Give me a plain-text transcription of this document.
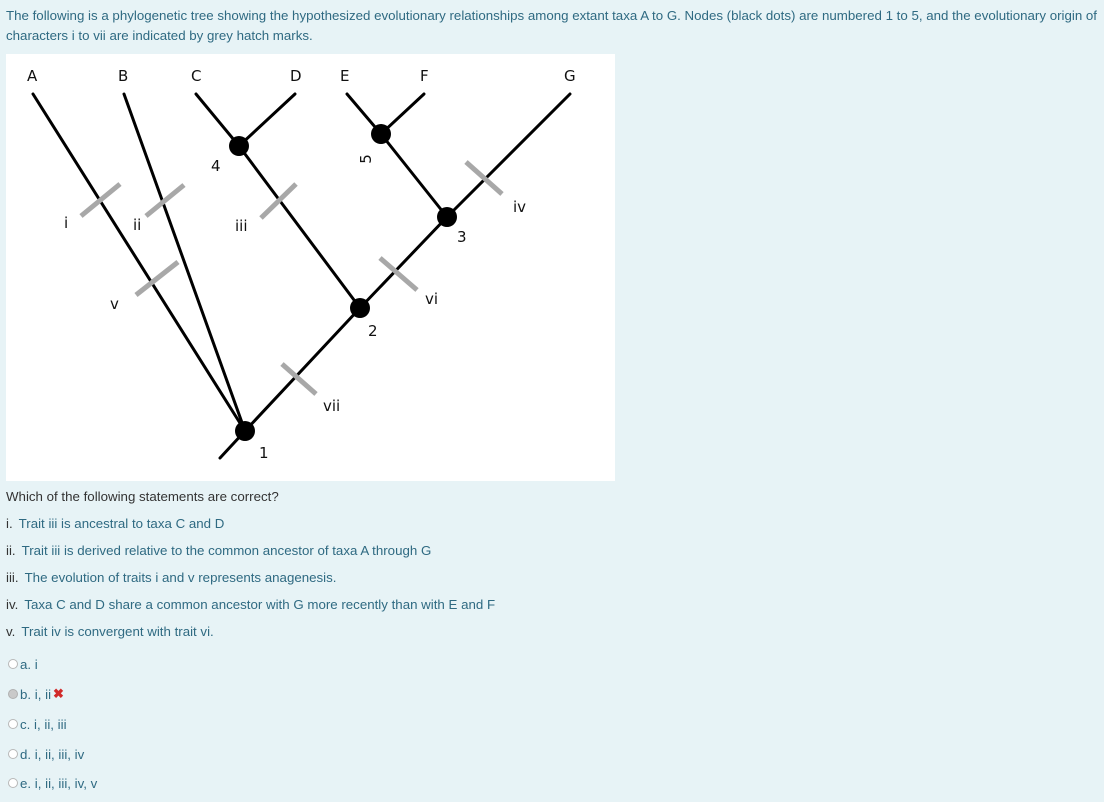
The following is a phylogenetic tree showing the hypothesized evolutionary relationships among extant taxa A to G. Nodes (black dots) are numbered 1 to 5, and the evolutionary origin of characters i to vii are indicated by grey hatch marks.
A	B	C	D	E	F	G
1
2
3
4	5
i	ii	iii
iv
v	vi
vii
Which of the following statements are correct?
i. Trait iii is ancestral to taxa C and D
ii. Trait iii is derived relative to the common ancestor of taxa A through G
iii. The evolution of traits i and v represents anagenesis.
iv. Taxa C and D share a common ancestor with G more recently than with E and F
v. Trait iv is convergent with trait vi.
a. i
b. i, ii ✖
c. i, ii, iii
d. i, ii, iii, iv
e. i, ii, iii, iv, v
